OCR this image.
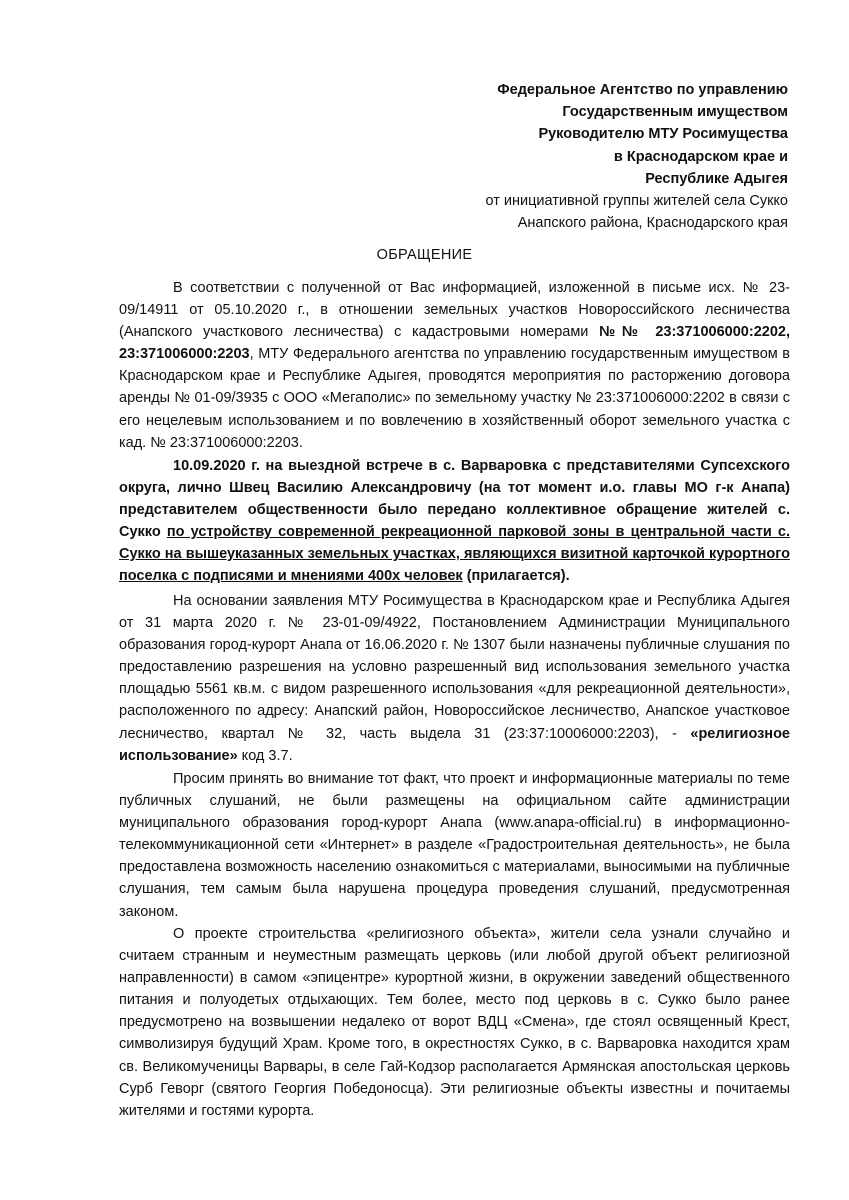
Федеральное Агентство по управлению
Государственным имуществом
Руководителю МТУ Росимущества
в Краснодарском крае и
Республике Адыгея
от инициативной группы жителей села Сукко
Анапского района, Краснодарского края
ОБРАЩЕНИЕ

В соответствии с полученной от Вас информацией, изложенной в письме исх. № 23-09/14911 от 05.10.2020 г., в отношении земельных участков Новороссийского лесничества (Анапского участкового лесничества) с кадастровыми номерами №№ 23:371006000:2202, 23:371006000:2203, МТУ Федерального агентства по управлению государственным имуществом в Краснодарском крае и Республике Адыгея, проводятся мероприятия по расторжению договора аренды № 01-09/3935 с ООО «Мегаполис» по земельному участку № 23:371006000:2202 в связи с его нецелевым использованием и по вовлечению в хозяйственный оборот земельного участка с кад. № 23:371006000:2203.

10.09.2020 г. на выездной встрече в с. Варваровка с представителями Супсехского округа, лично Швец Василию Александровичу (на тот момент и.о. главы МО г-к Анапа) представителем общественности было передано коллективное обращение жителей с. Сукко по устройству современной рекреационной парковой зоны в центральной части с. Сукко на вышеуказанных земельных участках, являющихся визитной карточкой курортного поселка с подписями и мнениями 400х человек (прилагается).

На основании заявления МТУ Росимущества в Краснодарском крае и Республика Адыгея от 31 марта 2020 г. № 23-01-09/4922, Постановлением Администрации Муниципального образования город-курорт Анапа от 16.06.2020 г. № 1307 были назначены публичные слушания по предоставлению разрешения на условно разрешенный вид использования земельного участка площадью 5561 кв.м. с видом разрешенного использования «для рекреационной деятельности», расположенного по адресу: Анапский район, Новороссийское лесничество, Анапское участковое лесничество, квартал № 32, часть выдела 31 (23:37:10006000:2203), - «религиозное использование» код 3.7.

Просим принять во внимание тот факт, что проект и информационные материалы по теме публичных слушаний, не были размещены на официальном сайте администрации муниципального образования город-курорт Анапа (www.anapa-official.ru) в информационно-телекоммуникационной сети «Интернет» в разделе «Градостроительная деятельность», не была предоставлена возможность населению ознакомиться с материалами, выносимыми на публичные слушания, тем самым была нарушена процедура проведения слушаний, предусмотренная законом.

О проекте строительства «религиозного объекта», жители села узнали случайно и считаем странным и неуместным размещать церковь (или любой другой объект религиозной направленности) в самом «эпицентре» курортной жизни, в окружении заведений общественного питания и полуодетых отдыхающих. Тем более, место под церковь в с. Сукко было ранее предусмотрено на возвышении недалеко от ворот ВДЦ «Смена», где стоял освященный Крест, символизируя будущий Храм. Кроме того, в окрестностях Сукко, в с. Варваровка находится храм св. Великомученицы Варвары, в селе Гай-Кодзор располагается Армянская апостольская церковь Сурб Геворг (святого Георгия Победоносца). Эти религиозные объекты известны и почитаемы жителями и гостями курорта.
